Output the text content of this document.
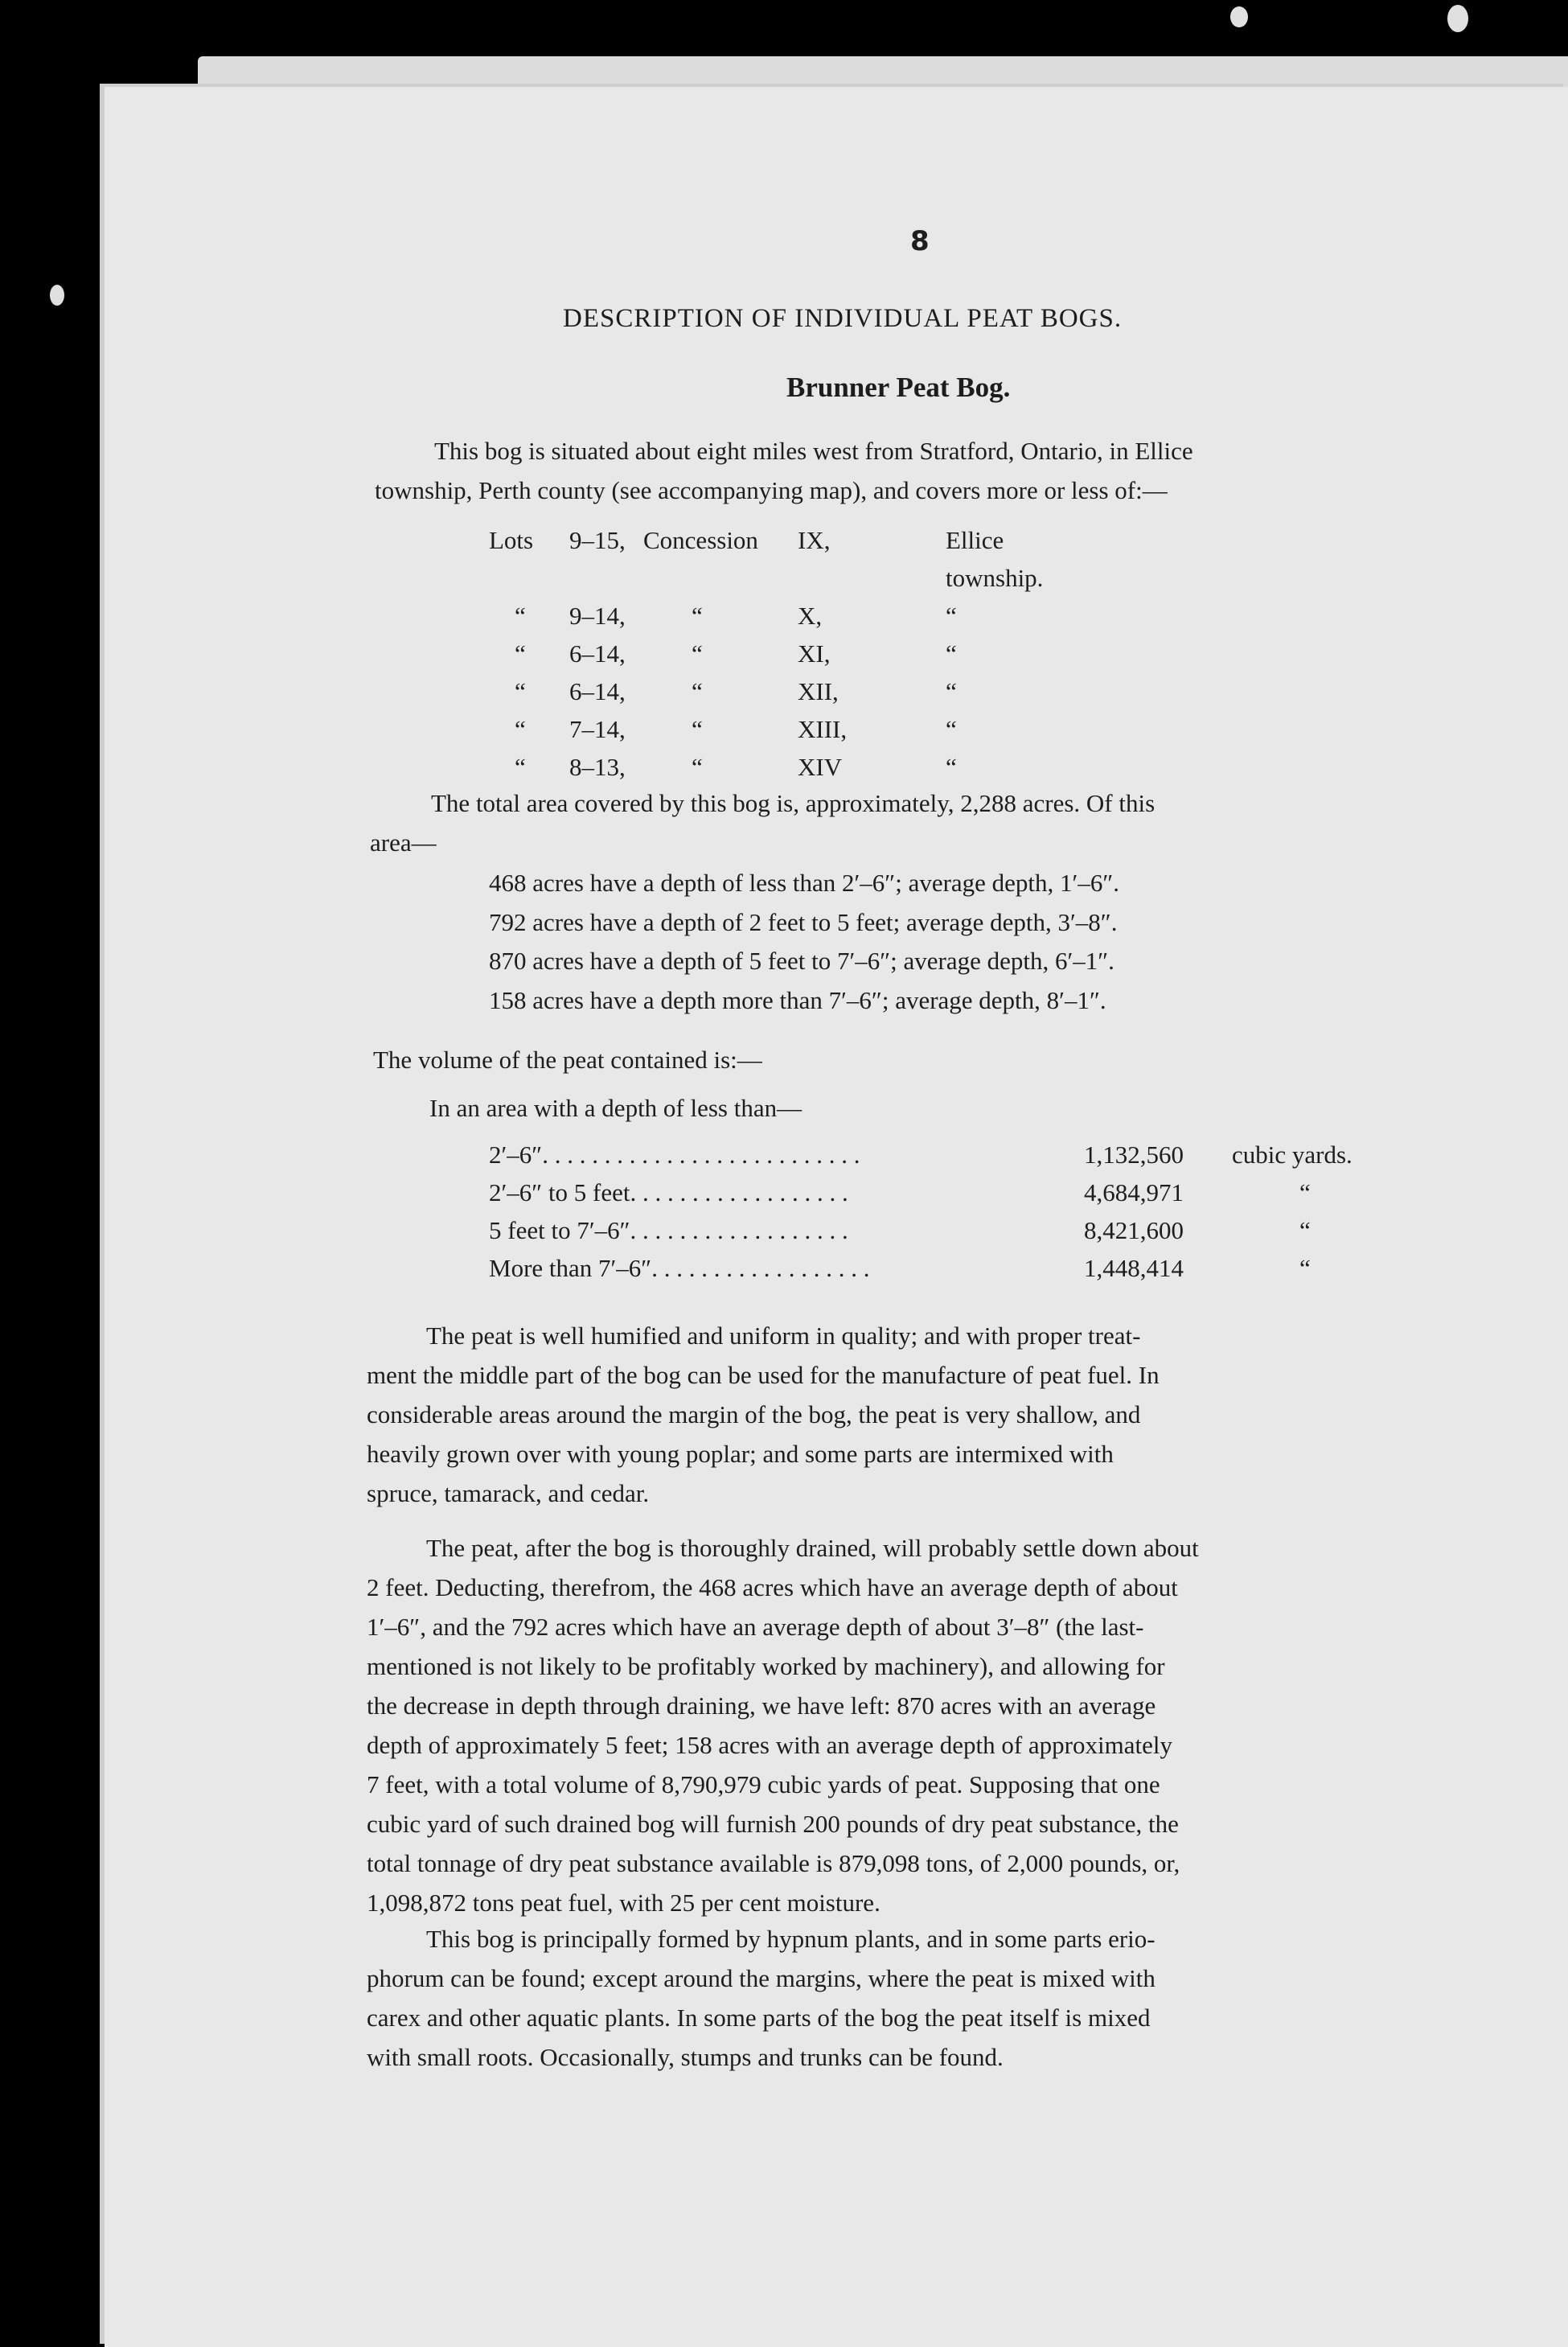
8
DESCRIPTION OF INDIVIDUAL PEAT BOGS.
Brunner Peat Bog.
This bog is situated about eight miles west from Stratford, Ontario, in Ellice
township, Perth county (see accompanying map), and covers more or less of:—
Lots	9–15, Concession	IX,	Ellice township.
“	9–14,	“	X,	“
“	6–14,	“	XI,	“
“	6–14,	“	XII,	“
“	7–14,	“	XIII,	“
“	8–13,	“	XIV	“
The total area covered by this bog is, approximately, 2,288 acres. Of this
area—
468 acres have a depth of less than 2′–6″; average depth, 1′–6″.
792 acres have a depth of 2 feet to 5 feet; average depth, 3′–8″.
870 acres have a depth of 5 feet to 7′–6″; average depth, 6′–1″.
158 acres have a depth more than 7′–6″; average depth, 8′–1″.
The volume of the peat contained is:—
In an area with a depth of less than—
2′–6″. . . . . . . . . . . . . . . . . . . . . . . . . .	1,132,560	cubic yards.
2′–6″ to 5 feet. . . . . . . . . . . . . . . . . .	4,684,971	“
5 feet to 7′–6″. . . . . . . . . . . . . . . . . .	8,421,600	“
More than 7′–6″. . . . . . . . . . . . . . . . . .	1,448,414	“
The peat is well humified and uniform in quality; and with proper treat-
ment the middle part of the bog can be used for the manufacture of peat fuel. In
considerable areas around the margin of the bog, the peat is very shallow, and
heavily grown over with young poplar; and some parts are intermixed with
spruce, tamarack, and cedar.
The peat, after the bog is thoroughly drained, will probably settle down about
2 feet. Deducting, therefrom, the 468 acres which have an average depth of about
1′–6″, and the 792 acres which have an average depth of about 3′–8″ (the last-
mentioned is not likely to be profitably worked by machinery), and allowing for
the decrease in depth through draining, we have left: 870 acres with an average
depth of approximately 5 feet; 158 acres with an average depth of approximately
7 feet, with a total volume of 8,790,979 cubic yards of peat. Supposing that one
cubic yard of such drained bog will furnish 200 pounds of dry peat substance, the
total tonnage of dry peat substance available is 879,098 tons, of 2,000 pounds, or,
1,098,872 tons peat fuel, with 25 per cent moisture.
This bog is principally formed by hypnum plants, and in some parts erio-
phorum can be found; except around the margins, where the peat is mixed with
carex and other aquatic plants. In some parts of the bog the peat itself is mixed
with small roots. Occasionally, stumps and trunks can be found.
